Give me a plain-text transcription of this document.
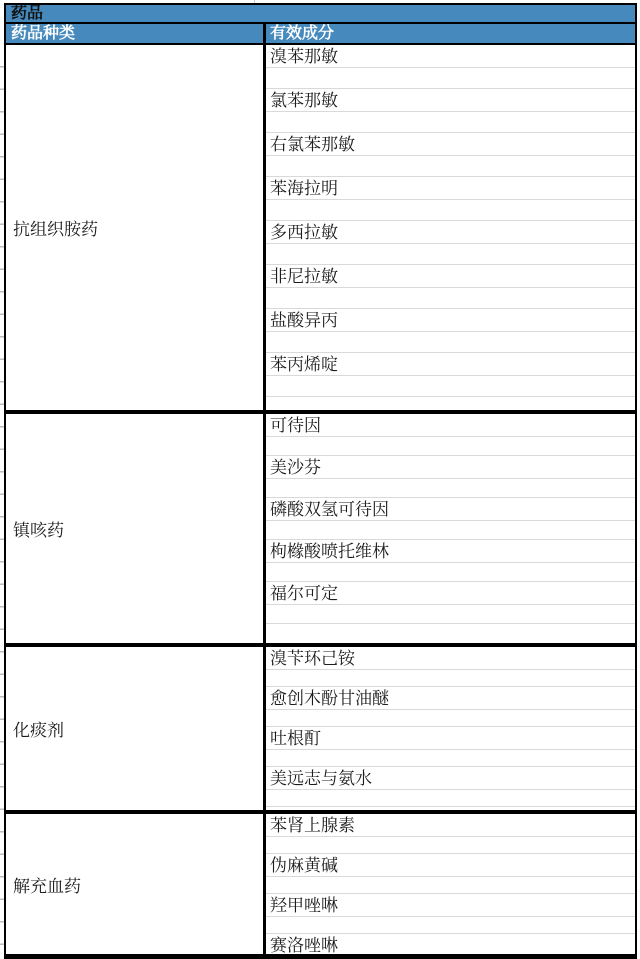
药品
药品种类	有效成分
抗组织胺药
溴苯那敏
氯苯那敏
右氯苯那敏
苯海拉明
多西拉敏
非尼拉敏
盐酸异丙
苯丙烯啶
镇咳药
可待因
美沙芬
磷酸双氢可待因
枸橼酸喷托维林
福尔可定
化痰剂
溴苄环己铵
愈创木酚甘油醚
吐根酊
美远志与氨水
解充血药
苯肾上腺素
伪麻黄碱
羟甲唑啉
赛洛唑啉
